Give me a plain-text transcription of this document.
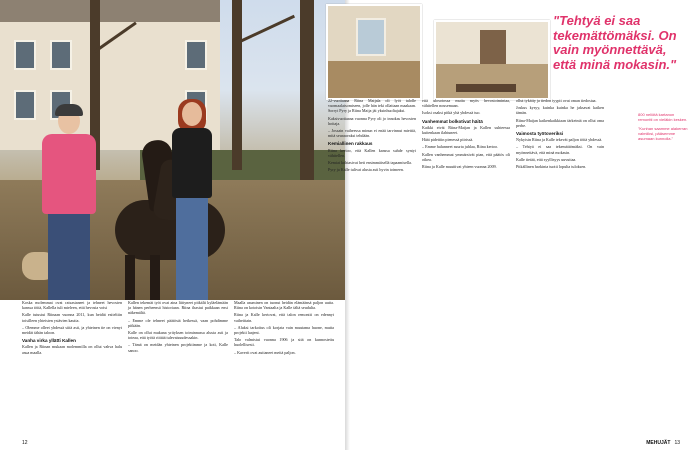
Koska molemmat ovat ratsastaneet ja tehneet hevosten kanssa töitä, Kallella tuli mieleen, että hevosia voisi

Kalle tutustui Riinaan vuonna 2011, kun heidät esiteltiin toisilleen yhteisten ystävien kautta.

– Olemme olleet yhdessä siitä asti, ja yhteinen tie on vienyt meidät tähän taloon.

Vanha virka yllätti Kallen

Kallen ja Riinan mukaan molemmilla on ollut vahva halu asua maalla.

Kallen tekemät työt ovat aina liittyneet pitkälti kyläelämään ja hänen perheensä historiaan. Riina ihastui paikkaan ensi näkemältä.

– Emme ole tehneet päätöstä hetkessä, vaan pohdimme pitkään.

Kalle on ollut mukana yrityksen toiminnassa alusta asti ja toteaa, että työtä riittää tulevaisuudessakin.

– Tämä on meidän yhteinen projektimme ja koti, Kalle sanoo.

Maalla asuminen on tuonut heidän elämäänsä paljon uutta. Riina on kotoisin Vantaalta ja Kalle tältä seudulta.

Riina ja Kalle kertovat, että talon remontti on edennyt vaiheittain.

– Aluksi tarkoitus oli korjata vain muutama huone, mutta projekti laajeni.

Talo valmistui vuonna 1906 ja sitä on kunnostettu huolellisesti.

– Kaverit ovat auttaneet meitä paljon.

12
"Tehtyä ei saa tekemättömäksi. On vain myönnettävä, että minä mokasin."

22-vuotiaana Riina Maijala oli lyöt talolle vuomaalaisomiseen, jolle hän teki ollattaan maakaan. Sorryt Pyry ja Riina Maija jäi yksinhuoltajaksi.

Kaksivuotiaana vuonna Pyry oli jo innokas hevosten hoitaja.

– Jossain vaiheessa minun ei enää tarvinnut miettiä, mitä seuraavaksi tehdään.

Kemiallinen rakkaus

Riina kertoo, että Kallen kanssa suhde syntyi vähitellen.

Kemiat kohtasivat heti ensimmäisellä tapaamisella.

Pyry ja Kalle tulivat alusta asti hyvin toimeen.

että ulosotossa mutta myös hevostoimintaa, vähitellen nousemaan.

Isoksi osaksi pitkä yhä yhdessä tuo.

Vanhemmat bolkotivat häitä

Kaikki eivät Riina-Maijan ja Kallen suhteessa kuitenkaan ilahtuneet.

Häät pidettiin pienessä piirissä.

– Emme halunneet suurta juhlaa, Riina kertoo.

Kallen vanhemmat ymmärsivät pian, että päätös oli oikea.

Riina ja Kalle muuttivat yhteen vuonna 2009.

ollut tykätty ja tiedon tyypit ovat oman tiedostaa.

Joskus kysyy, kuinka kuinka he jaksavat kaiken tämän.

Riina-Maijan kaikenkaikkiaan tärkeintä on ollut oma perhe.

Vaimosta työtoveriksi

Nykyisin Riina ja Kalle tekevät paljon töitä yhdessä.

– Tehtyä ei saa tekemättömäksi. On vain myönnettävä, että minä mokasin.

Kalle tietää, että syyllisyys uuvuttaa.

Pitkällinen harkinta tuotti lopulta tuloksen.

800 neliötä kartanon remontti on vieläkin kesken.

"Kunhan saamme alakerran valmiiksi, pääsemme asumaan kunnolla."

MEHUJÄT 13
